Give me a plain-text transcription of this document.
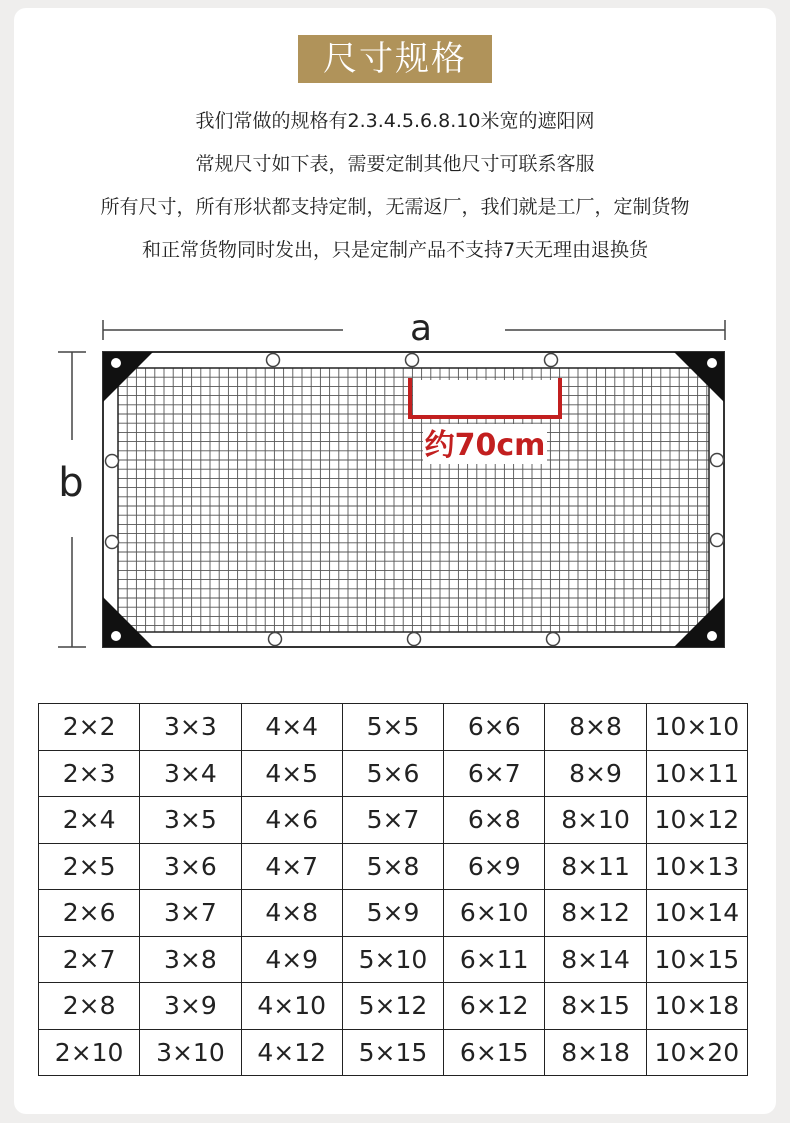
尺寸规格
我们常做的规格有2.3.4.5.6.8.10米宽的遮阳网
常规尺寸如下表，需要定制其他尺寸可联系客服
所有尺寸，所有形状都支持定制，无需返厂，我们就是工厂，定制货物
和正常货物同时发出，只是定制产品不支持7天无理由退换货
a
b
约70cm
2×2	3×3	4×4	5×5	6×6	8×8	10×10
2×3	3×4	4×5	5×6	6×7	8×9	10×11
2×4	3×5	4×6	5×7	6×8	8×10	10×12
2×5	3×6	4×7	5×8	6×9	8×11	10×13
2×6	3×7	4×8	5×9	6×10	8×12	10×14
2×7	3×8	4×9	5×10	6×11	8×14	10×15
2×8	3×9	4×10	5×12	6×12	8×15	10×18
2×10	3×10	4×12	5×15	6×15	8×18	10×20
